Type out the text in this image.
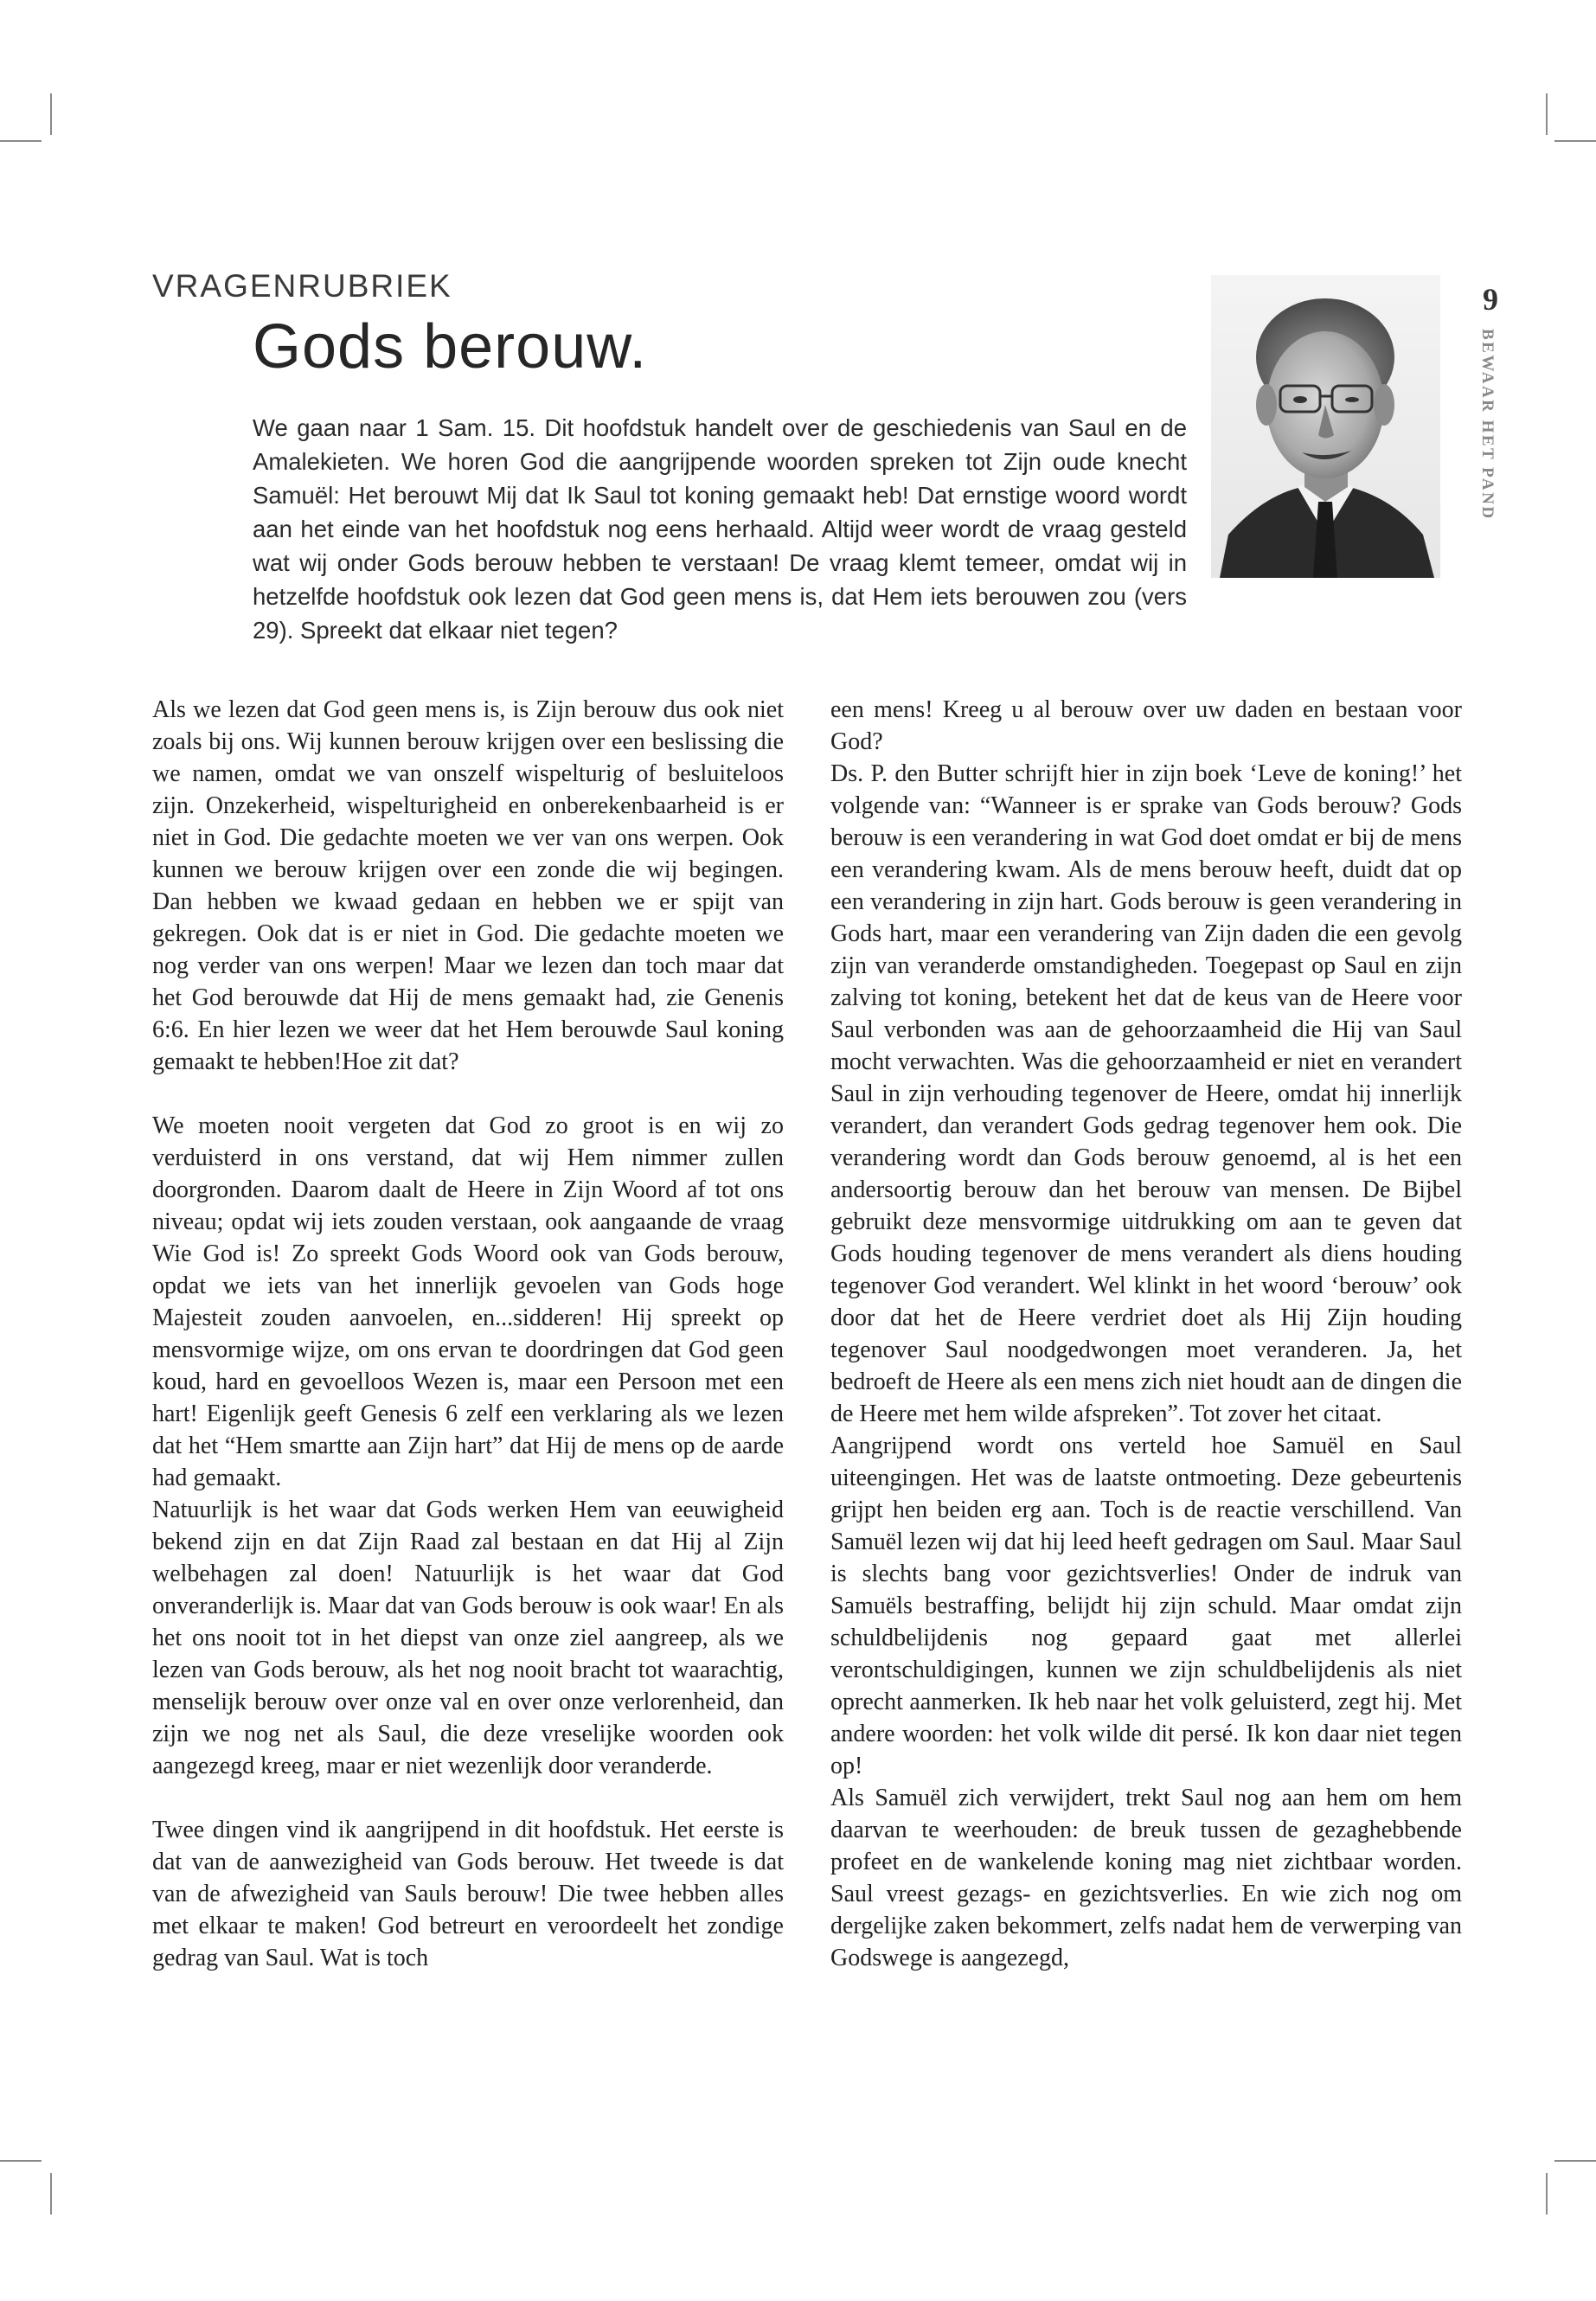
VRAGENRUBRIEK
Gods berouw.

We gaan naar 1 Sam. 15. Dit hoofdstuk handelt over de geschiedenis van Saul en de Amalekieten. We horen God die aangrijpende woorden spreken tot Zijn oude knecht Samuël: Het berouwt Mij dat Ik Saul tot koning gemaakt heb! Dat ernstige woord wordt aan het einde van het hoofdstuk nog eens herhaald. Altijd weer wordt de vraag gesteld wat wij onder Gods berouw hebben te verstaan! De vraag klemt temeer, omdat wij in hetzelfde hoofdstuk ook lezen dat God geen mens is, dat Hem iets berouwen zou (vers 29). Spreekt dat elkaar niet tegen?

9
BEWAAR HET PAND

Als we lezen dat God geen mens is, is Zijn berouw dus ook niet zoals bij ons. Wij kunnen berouw krijgen over een beslissing die we namen, omdat we van onszelf wispelturig of besluiteloos zijn. Onzekerheid, wispelturigheid en onberekenbaarheid is er niet in God. Die gedachte moeten we ver van ons werpen. Ook kunnen we berouw krijgen over een zonde die wij begingen. Dan hebben we kwaad gedaan en hebben we er spijt van gekregen. Ook dat is er niet in God. Die gedachte moeten we nog verder van ons werpen! Maar we lezen dan toch maar dat het God berouwde dat Hij de mens gemaakt had, zie Genenis 6:6. En hier lezen we weer dat het Hem berouwde Saul koning gemaakt te hebben!Hoe zit dat?

We moeten nooit vergeten dat God zo groot is en wij zo verduisterd in ons verstand, dat wij Hem nimmer zullen doorgronden. Daarom daalt de Heere in Zijn Woord af tot ons niveau; opdat wij iets zouden verstaan, ook aangaande de vraag Wie God is! Zo spreekt Gods Woord ook van Gods berouw, opdat we iets van het innerlijk gevoelen van Gods hoge Majesteit zouden aanvoelen, en...sidderen! Hij spreekt op mensvormige wijze, om ons ervan te doordringen dat God geen koud, hard en gevoelloos Wezen is, maar een Persoon met een hart! Eigenlijk geeft Genesis 6 zelf een verklaring als we lezen dat het “Hem smartte aan Zijn hart” dat Hij de mens op de aarde had gemaakt.

Natuurlijk is het waar dat Gods werken Hem van eeuwigheid bekend zijn en dat Zijn Raad zal bestaan en dat Hij al Zijn welbehagen zal doen! Natuurlijk is het waar dat God onveranderlijk is. Maar dat van Gods berouw is ook waar! En als het ons nooit tot in het diepst van onze ziel aangreep, als we lezen van Gods berouw, als het nog nooit bracht tot waarachtig, menselijk berouw over onze val en over onze verlorenheid, dan zijn we nog net als Saul, die deze vreselijke woorden ook aangezegd kreeg, maar er niet wezenlijk door veranderde.

Twee dingen vind ik aangrijpend in dit hoofdstuk. Het eerste is dat van de aanwezigheid van Gods berouw. Het tweede is dat van de afwezigheid van Sauls berouw! Die twee hebben alles met elkaar te maken! God betreurt en veroordeelt het zondige gedrag van Saul. Wat is toch

een mens! Kreeg u al berouw over uw daden en bestaan voor God?

Ds. P. den Butter schrijft hier in zijn boek ‘Leve de koning!’ het volgende van: “Wanneer is er sprake van Gods berouw? Gods berouw is een verandering in wat God doet omdat er bij de mens een verandering kwam. Als de mens berouw heeft, duidt dat op een verandering in zijn hart. Gods berouw is geen verandering in Gods hart, maar een verandering van Zijn daden die een gevolg zijn van veranderde omstandigheden. Toegepast op Saul en zijn zalving tot koning, betekent het dat de keus van de Heere voor Saul verbonden was aan de gehoorzaamheid die Hij van Saul mocht verwachten. Was die gehoorzaamheid er niet en verandert Saul in zijn verhouding tegenover de Heere, omdat hij innerlijk verandert, dan verandert Gods gedrag tegenover hem ook. Die verandering wordt dan Gods berouw genoemd, al is het een andersoortig berouw dan het berouw van mensen. De Bijbel gebruikt deze mensvormige uitdrukking om aan te geven dat Gods houding tegenover de mens verandert als diens houding tegenover God verandert. Wel klinkt in het woord ‘berouw’ ook door dat het de Heere verdriet doet als Hij Zijn houding tegenover Saul noodgedwongen moet veranderen. Ja, het bedroeft de Heere als een mens zich niet houdt aan de dingen die de Heere met hem wilde afspreken”. Tot zover het citaat.

Aangrijpend wordt ons verteld hoe Samuël en Saul uiteengingen. Het was de laatste ontmoeting. Deze gebeurtenis grijpt hen beiden erg aan. Toch is de reactie verschillend. Van Samuël lezen wij dat hij leed heeft gedragen om Saul. Maar Saul is slechts bang voor gezichtsverlies! Onder de indruk van Samuëls bestraffing, belijdt hij zijn schuld. Maar omdat zijn schuldbelijdenis nog gepaard gaat met allerlei verontschuldigingen, kunnen we zijn schuldbelijdenis als niet oprecht aanmerken. Ik heb naar het volk geluisterd, zegt hij. Met andere woorden: het volk wilde dit persé. Ik kon daar niet tegen op!

Als Samuël zich verwijdert, trekt Saul nog aan hem om hem daarvan te weerhouden: de breuk tussen de gezaghebbende profeet en de wankelende koning mag niet zichtbaar worden. Saul vreest gezags- en gezichtsverlies. En wie zich nog om dergelijke zaken bekommert, zelfs nadat hem de verwerping van Godswege is aangezegd,
